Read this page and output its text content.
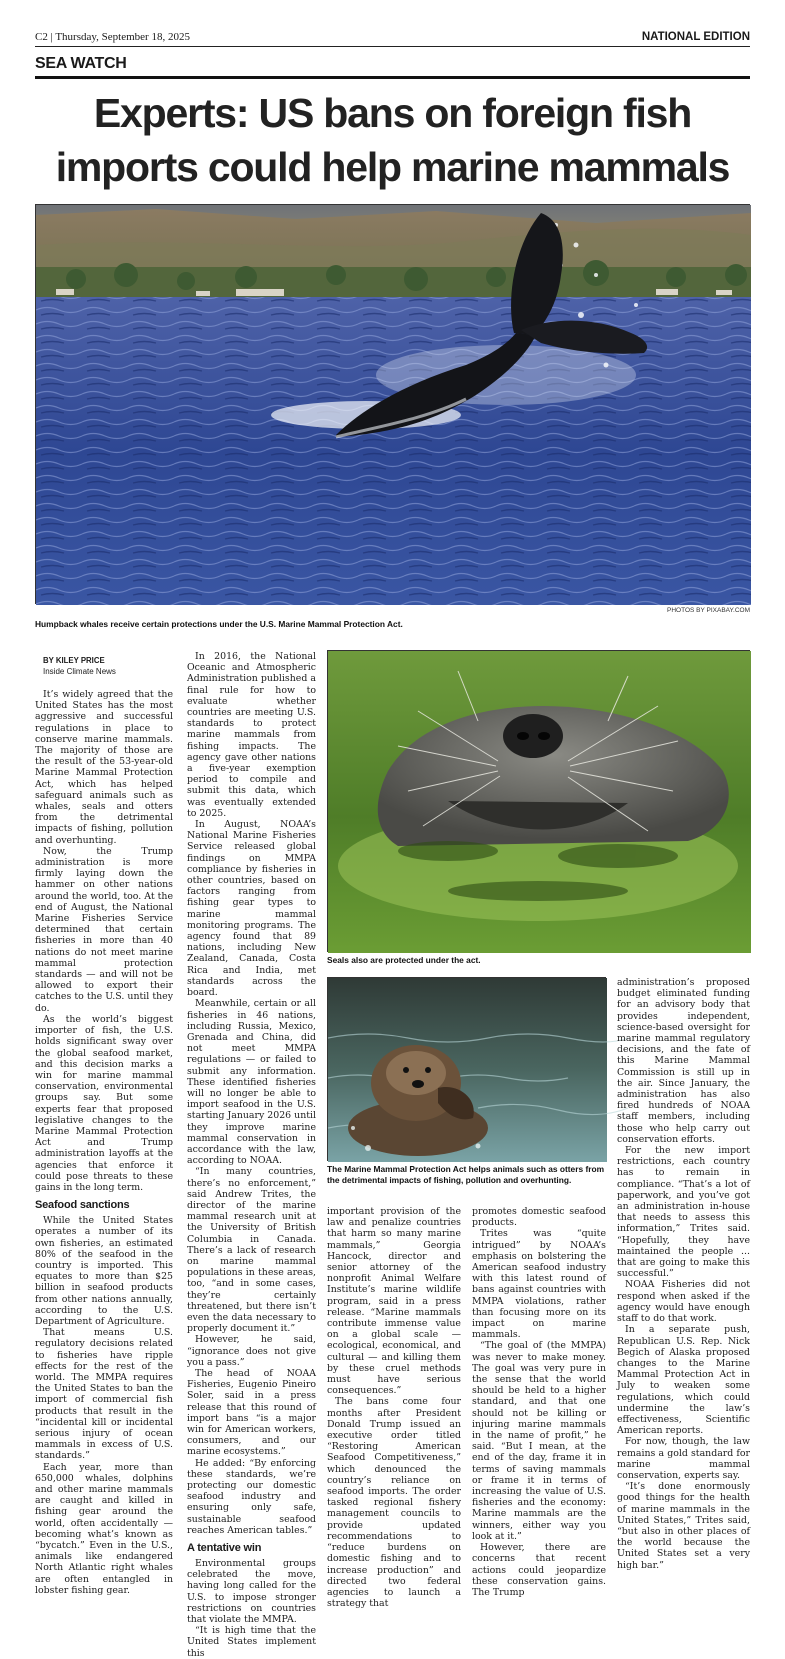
C2 | Thursday, September 18, 2025	NATIONAL EDITION
SEA WATCH
Experts: US bans on foreign fish
imports could help marine mammals
PHOTOS BY PIXABAY.COM
Humpback whales receive certain protections under the U.S. Marine Mammal Protection Act.
Seals also are protected under the act.
The Marine Mammal Protection Act helps animals such as otters from the detrimental impacts of fishing, pollution and overhunting.

BY KILEY PRICE

Inside Climate News

It’s widely agreed that the United States has the most aggressive and successful regulations in place to conserve marine mammals. The majority of those are the result of the 53-year-old Marine Mammal Protection Act, which has helped safeguard animals such as whales, seals and otters from the detrimental impacts of fishing, pollution and overhunting.

Now, the Trump administration is more firmly laying down the hammer on other nations around the world, too. At the end of August, the National Marine Fisheries Service determined that certain fisheries in more than 40 nations do not meet marine mammal protection standards — and will not be allowed to export their catches to the U.S. until they do.

As the world’s biggest importer of fish, the U.S. holds significant sway over the global seafood market, and this decision marks a win for marine mammal conservation, environmental groups say. But some experts fear that proposed legislative changes to the Marine Mammal Protection Act and Trump administration layoffs at the agencies that enforce it could pose threats to these gains in the long term.

Seafood sanctions

While the United States operates a number of its own fisheries, an estimated 80% of the seafood in the country is imported. This equates to more than $25 billion in seafood products from other nations annually, according to the U.S. Department of Agriculture.

That means U.S. regulatory decisions related to fisheries have ripple effects for the rest of the world. The MMPA requires the United States to ban the import of commercial fish products that result in the “incidental kill or incidental serious injury of ocean mammals in excess of U.S. standards.”

Each year, more than 650,000 whales, dolphins and other marine mammals are caught and killed in fishing gear around the world, often accidentally — becoming what’s known as “bycatch.” Even in the U.S., animals like endangered North Atlantic right whales are often entangled in lobster fishing gear.

In 2016, the National Oceanic and Atmospheric Administration published a final rule for how to evaluate whether countries are meeting U.S. standards to protect marine mammals from fishing impacts. The agency gave other nations a five-year exemption period to compile and submit this data, which was eventually extended to 2025.

In August, NOAA’s National Marine Fisheries Service released global findings on MMPA compliance by fisheries in other countries, based on factors ranging from fishing gear types to marine mammal monitoring programs. The agency found that 89 nations, including New Zealand, Canada, Costa Rica and India, met standards across the board.

Meanwhile, certain or all fisheries in 46 nations, including Russia, Mexico, Grenada and China, did not meet MMPA regulations — or failed to submit any information. These identified fisheries will no longer be able to import seafood in the U.S. starting January 2026 until they improve marine mammal conservation in accordance with the law, according to NOAA.

“In many countries, there’s no enforcement,” said Andrew Trites, the director of the marine mammal research unit at the University of British Columbia in Canada. There’s a lack of research on marine mammal populations in these areas, too, “and in some cases, they’re certainly threatened, but there isn’t even the data necessary to properly document it.”

However, he said, “ignorance does not give you a pass.”

The head of NOAA Fisheries, Eugenio Pineiro Soler, said in a press release that this round of import bans “is a major win for American workers, consumers, and our marine ecosystems.”

He added: “By enforcing these standards, we’re protecting our domestic seafood industry and ensuring only safe, sustainable seafood reaches American tables.”

A tentative win

Environmental groups celebrated the move, having long called for the U.S. to impose stronger restrictions on countries that violate the MMPA.

“It is high time that the United States implement this

important provision of the law and penalize countries that harm so many marine mammals,” Georgia Hancock, director and senior attorney of the nonprofit Animal Welfare Institute’s marine wildlife program, said in a press release. “Marine mammals contribute immense value on a global scale —ecological, economical, and cultural — and killing them by these cruel methods must have serious consequences.”

The bans come four months after President Donald Trump issued an executive order titled “Restoring American Seafood Competitiveness,” which denounced the country’s reliance on seafood imports. The order tasked regional fishery management councils to provide updated recommendations to “reduce burdens on domestic fishing and to increase production” and directed two federal agencies to launch a strategy that

promotes domestic seafood products.

Trites was “quite intrigued” by NOAA’s emphasis on bolstering the American seafood industry with this latest round of bans against countries with MMPA violations, rather than focusing more on its impact on marine mammals.

“The goal of (the MMPA) was never to make money. The goal was very pure in the sense that the world should be held to a higher standard, and that one should not be killing or injuring marine mammals in the name of profit,” he said. “But I mean, at the end of the day, frame it in terms of saving mammals or frame it in terms of increasing the value of U.S. fisheries and the economy: Marine mammals are the winners, either way you look at it.”

However, there are concerns that recent actions could jeopardize these conservation gains. The Trump

administration’s proposed budget eliminated funding for an advisory body that provides independent, science-based oversight for marine mammal regulatory decisions, and the fate of this Marine Mammal Commission is still up in the air. Since January, the administration has also fired hundreds of NOAA staff members, including those who help carry out conservation efforts.

For the new import restrictions, each country has to remain in compliance. “That’s a lot of paperwork, and you’ve got an administration in-house that needs to assess this information,” Trites said. “Hopefully, they have maintained the people ... that are going to make this successful.”

NOAA Fisheries did not respond when asked if the agency would have enough staff to do that work.

In a separate push, Republican U.S. Rep. Nick Begich of Alaska proposed changes to the Marine Mammal Protection Act in July to weaken some regulations, which could undermine the law’s effectiveness, Scientific American reports.

For now, though, the law remains a gold standard for marine mammal conservation, experts say.

“It’s done enormously good things for the health of marine mammals in the United States,” Trites said, “but also in other places of the world because the United States set a very high bar.”
